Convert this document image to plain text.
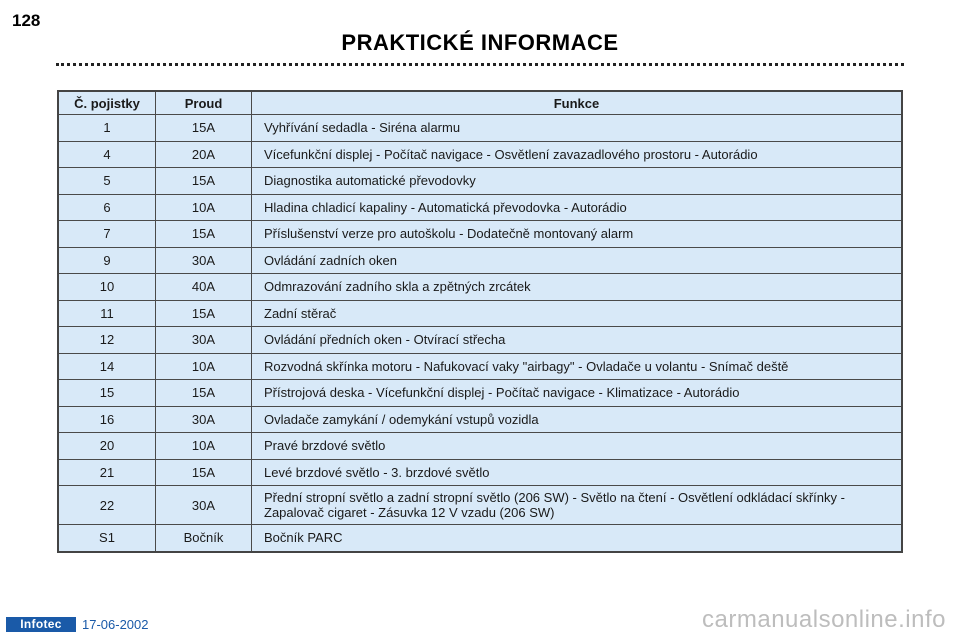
128
PRAKTICKÉ INFORMACE
Č. pojistky	Proud	Funkce
1	15A	Vyhřívání sedadla - Siréna alarmu
4	20A	Vícefunkční displej - Počítač navigace - Osvětlení zavazadlového prostoru - Autorádio
5	15A	Diagnostika automatické převodovky
6	10A	Hladina chladicí kapaliny - Automatická převodovka - Autorádio
7	15A	Příslušenství verze pro autoškolu - Dodatečně montovaný alarm
9	30A	Ovládání zadních oken
10	40A	Odmrazování zadního skla a zpětných zrcátek
11	15A	Zadní stěrač
12	30A	Ovládání předních oken - Otvírací střecha
14	10A	Rozvodná skřínka motoru - Nafukovací vaky "airbagy" - Ovladače u volantu - Snímač deště
15	15A	Přístrojová deska - Vícefunkční displej - Počítač navigace - Klimatizace - Autorádio
16	30A	Ovladače zamykání / odemykání vstupů vozidla
20	10A	Pravé brzdové světlo
21	15A	Levé brzdové světlo - 3. brzdové světlo
22	30A	Přední stropní světlo a zadní stropní světlo (206 SW) - Světlo na čtení - Osvětlení odkládací skřínky - Zapalovač cigaret - Zásuvka 12 V vzadu (206 SW)
S1	Bočník	Bočník PARC
Infotec	17-06-2002	carmanualsonline.info
